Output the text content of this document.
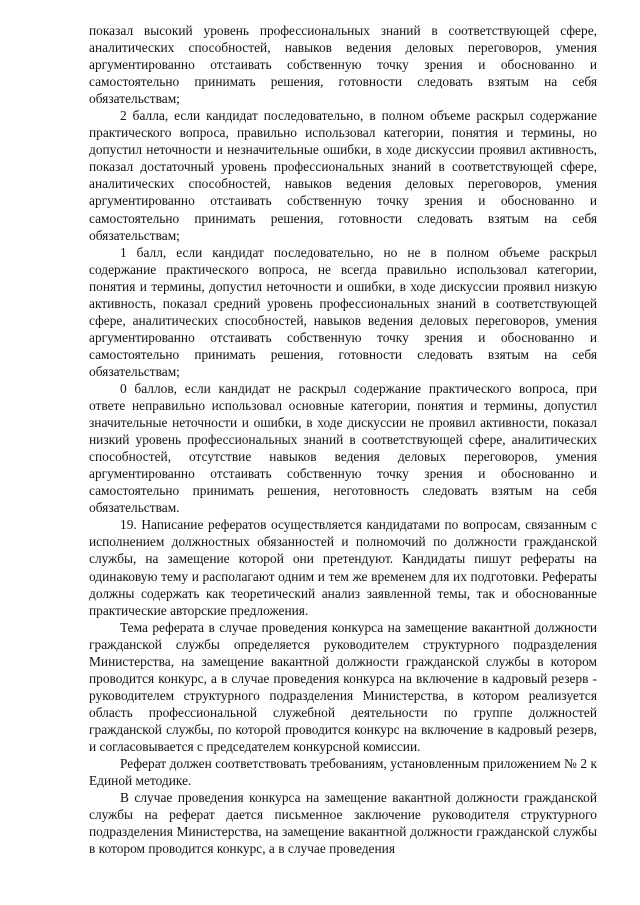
показал высокий уровень профессиональных знаний в соответствующей сфере, аналитических способностей, навыков ведения деловых переговоров, умения аргументированно отстаивать собственную точку зрения и обоснованно и самостоятельно принимать решения, готовности следовать взятым на себя обязательствам;

2 балла, если кандидат последовательно, в полном объеме раскрыл содержание практического вопроса, правильно использовал категории, понятия и термины, но допустил неточности и незначительные ошибки, в ходе дискуссии проявил активность, показал достаточный уровень профессиональных знаний в соответствующей сфере, аналитических способностей, навыков ведения деловых переговоров, умения аргументированно отстаивать собственную точку зрения и обоснованно и самостоятельно принимать решения, готовности следовать взятым на себя обязательствам;

1 балл, если кандидат последовательно, но не в полном объеме раскрыл содержание практического вопроса, не всегда правильно использовал категории, понятия и термины, допустил неточности и ошибки, в ходе дискуссии проявил низкую активность, показал средний уровень профессиональных знаний в соответствующей сфере, аналитических способностей, навыков ведения деловых переговоров, умения аргументированно отстаивать собственную точку зрения и обоснованно и самостоятельно принимать решения, готовности следовать взятым на себя обязательствам;

0 баллов, если кандидат не раскрыл содержание практического вопроса, при ответе неправильно использовал основные категории, понятия и термины, допустил значительные неточности и ошибки, в ходе дискуссии не проявил активности, показал низкий уровень профессиональных знаний в соответствующей сфере, аналитических способностей, отсутствие навыков ведения деловых переговоров, умения аргументированно отстаивать собственную точку зрения и обоснованно и самостоятельно принимать решения, неготовность следовать взятым на себя обязательствам.

19. Написание рефератов осуществляется кандидатами по вопросам, связанным с исполнением должностных обязанностей и полномочий по должности гражданской службы, на замещение которой они претендуют. Кандидаты пишут рефераты на одинаковую тему и располагают одним и тем же временем для их подготовки. Рефераты должны содержать как теоретический анализ заявленной темы, так и обоснованные практические авторские предложения.

Тема реферата в случае проведения конкурса на замещение вакантной должности гражданской службы определяется руководителем структурного подразделения Министерства, на замещение вакантной должности гражданской службы в котором проводится конкурс, а в случае проведения конкурса на включение в кадровый резерв - руководителем структурного подразделения Министерства, в котором реализуется область профессиональной служебной деятельности по группе должностей гражданской службы, по которой проводится конкурс на включение в кадровый резерв, и согласовывается с председателем конкурсной комиссии.

Реферат должен соответствовать требованиям, установленным приложением № 2 к Единой методике.

В случае проведения конкурса на замещение вакантной должности гражданской службы на реферат дается письменное заключение руководителя структурного подразделения Министерства, на замещение вакантной должности гражданской службы в котором проводится конкурс, а в случае проведения
